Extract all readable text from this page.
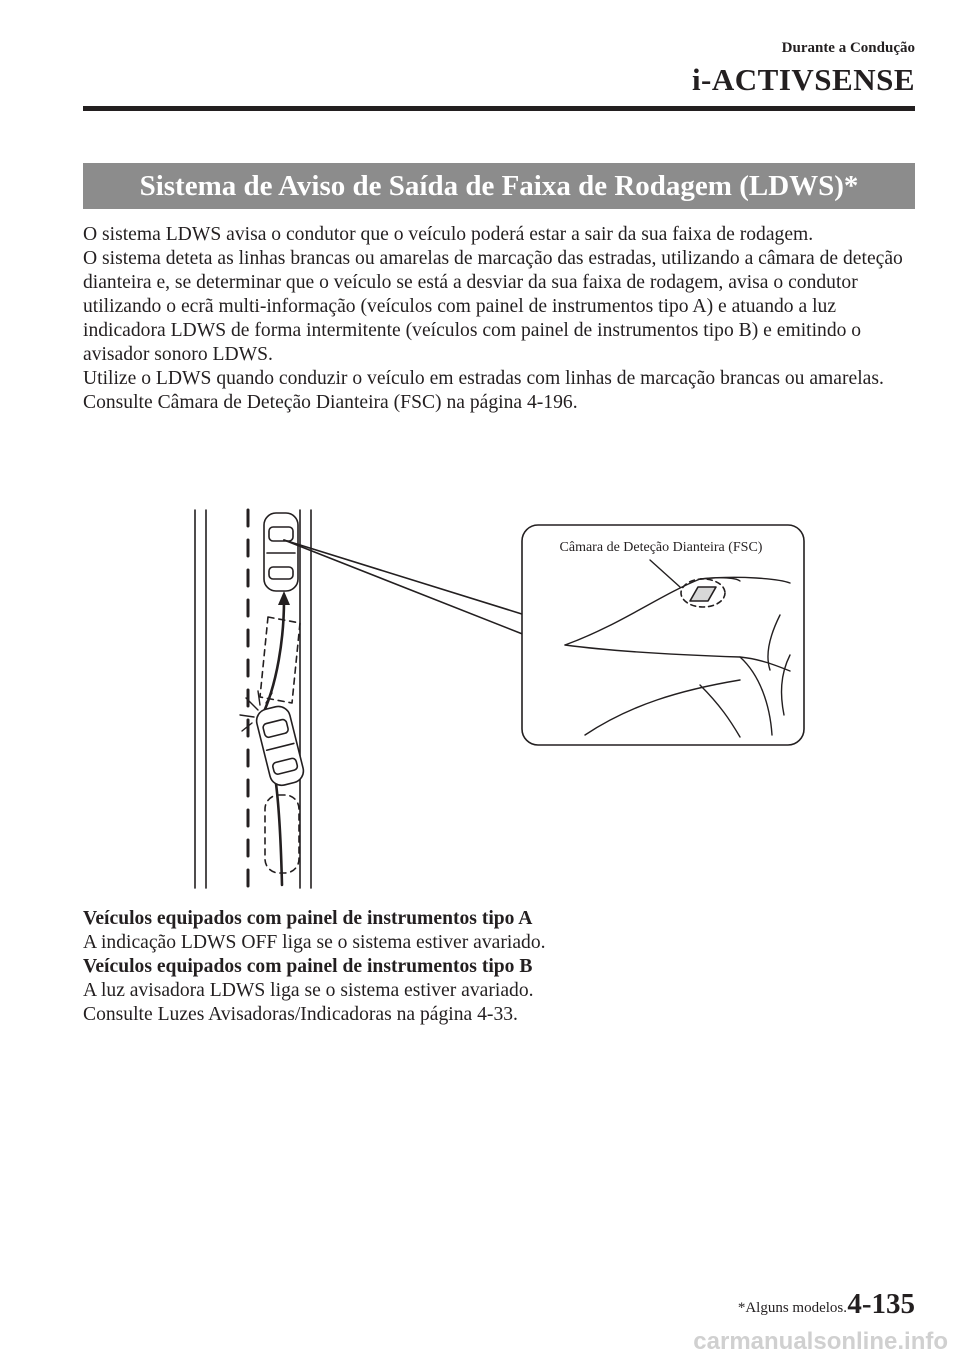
Durante a Condução
i-ACTIVSENSE
Sistema de Aviso de Saída de Faixa de Rodagem (LDWS)*

O sistema LDWS avisa o condutor que o veículo poderá estar a sair da sua faixa de rodagem.

O sistema deteta as linhas brancas ou amarelas de marcação das estradas, utilizando a câmara de deteção dianteira e, se determinar que o veículo se está a desviar da sua faixa de rodagem, avisa o condutor utilizando o ecrã multi-informação (veículos com painel de instrumentos tipo A) e atuando a luz indicadora LDWS de forma intermitente (veículos com painel de instrumentos tipo B) e emitindo o avisador sonoro LDWS.

Utilize o LDWS quando conduzir o veículo em estradas com linhas de marcação brancas ou amarelas.

Consulte Câmara de Deteção Dianteira (FSC) na página 4-196.

Câmara de Deteção Dianteira (FSC)

Veículos equipados com painel de instrumentos tipo A

A indicação LDWS OFF liga se o sistema estiver avariado.

Veículos equipados com painel de instrumentos tipo B

A luz avisadora LDWS liga se o sistema estiver avariado.

Consulte Luzes Avisadoras/Indicadoras na página 4-33.

*Alguns modelos. 4-135
carmanualsonline.info
